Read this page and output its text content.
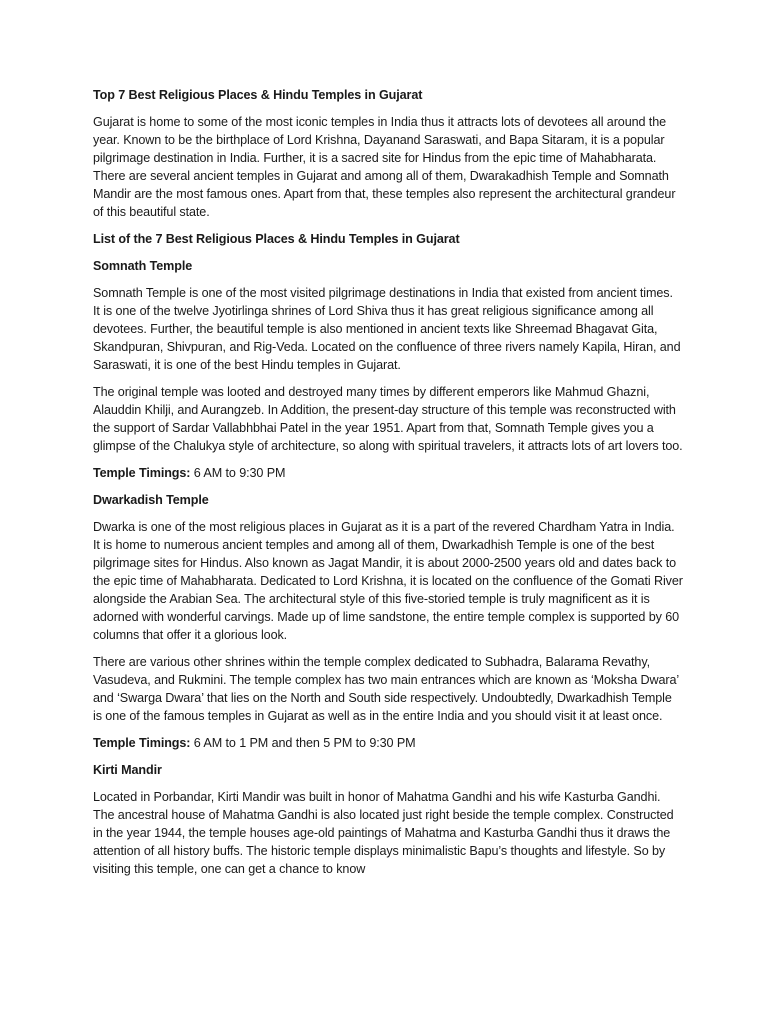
Top 7 Best Religious Places & Hindu Temples in Gujarat

Gujarat is home to some of the most iconic temples in India thus it attracts lots of devotees all around the year. Known to be the birthplace of Lord Krishna, Dayanand Saraswati, and Bapa Sitaram, it is a popular pilgrimage destination in India. Further, it is a sacred site for Hindus from the epic time of Mahabharata. There are several ancient temples in Gujarat and among all of them, Dwarakadhish Temple and Somnath Mandir are the most famous ones. Apart from that, these temples also represent the architectural grandeur of this beautiful state.

List of the 7 Best Religious Places & Hindu Temples in Gujarat

Somnath Temple

Somnath Temple is one of the most visited pilgrimage destinations in India that existed from ancient times. It is one of the twelve Jyotirlinga shrines of Lord Shiva thus it has great religious significance among all devotees. Further, the beautiful temple is also mentioned in ancient texts like Shreemad Bhagavat Gita, Skandpuran, Shivpuran, and Rig-Veda. Located on the confluence of three rivers namely Kapila, Hiran, and Saraswati, it is one of the best Hindu temples in Gujarat.

The original temple was looted and destroyed many times by different emperors like Mahmud Ghazni, Alauddin Khilji, and Aurangzeb. In Addition, the present-day structure of this temple was reconstructed with the support of Sardar Vallabhbhai Patel in the year 1951. Apart from that, Somnath Temple gives you a glimpse of the Chalukya style of architecture, so along with spiritual travelers, it attracts lots of art lovers too.

Temple Timings: 6 AM to 9:30 PM

Dwarkadish Temple

Dwarka is one of the most religious places in Gujarat as it is a part of the revered Chardham Yatra in India. It is home to numerous ancient temples and among all of them, Dwarkadhish Temple is one of the best pilgrimage sites for Hindus. Also known as Jagat Mandir, it is about 2000-2500 years old and dates back to the epic time of Mahabharata. Dedicated to Lord Krishna, it is located on the confluence of the Gomati River alongside the Arabian Sea. The architectural style of this five-storied temple is truly magnificent as it is adorned with wonderful carvings. Made up of lime sandstone, the entire temple complex is supported by 60 columns that offer it a glorious look.

There are various other shrines within the temple complex dedicated to Subhadra, Balarama Revathy, Vasudeva, and Rukmini. The temple complex has two main entrances which are known as ‘Moksha Dwara’ and ‘Swarga Dwara’ that lies on the North and South side respectively. Undoubtedly, Dwarkadhish Temple is one of the famous temples in Gujarat as well as in the entire India and you should visit it at least once.

Temple Timings: 6 AM to 1 PM and then 5 PM to 9:30 PM

Kirti Mandir

Located in Porbandar, Kirti Mandir was built in honor of Mahatma Gandhi and his wife Kasturba Gandhi. The ancestral house of Mahatma Gandhi is also located just right beside the temple complex. Constructed in the year 1944, the temple houses age-old paintings of Mahatma and Kasturba Gandhi thus it draws the attention of all history buffs. The historic temple displays minimalistic Bapu’s thoughts and lifestyle. So by visiting this temple, one can get a chance to know
